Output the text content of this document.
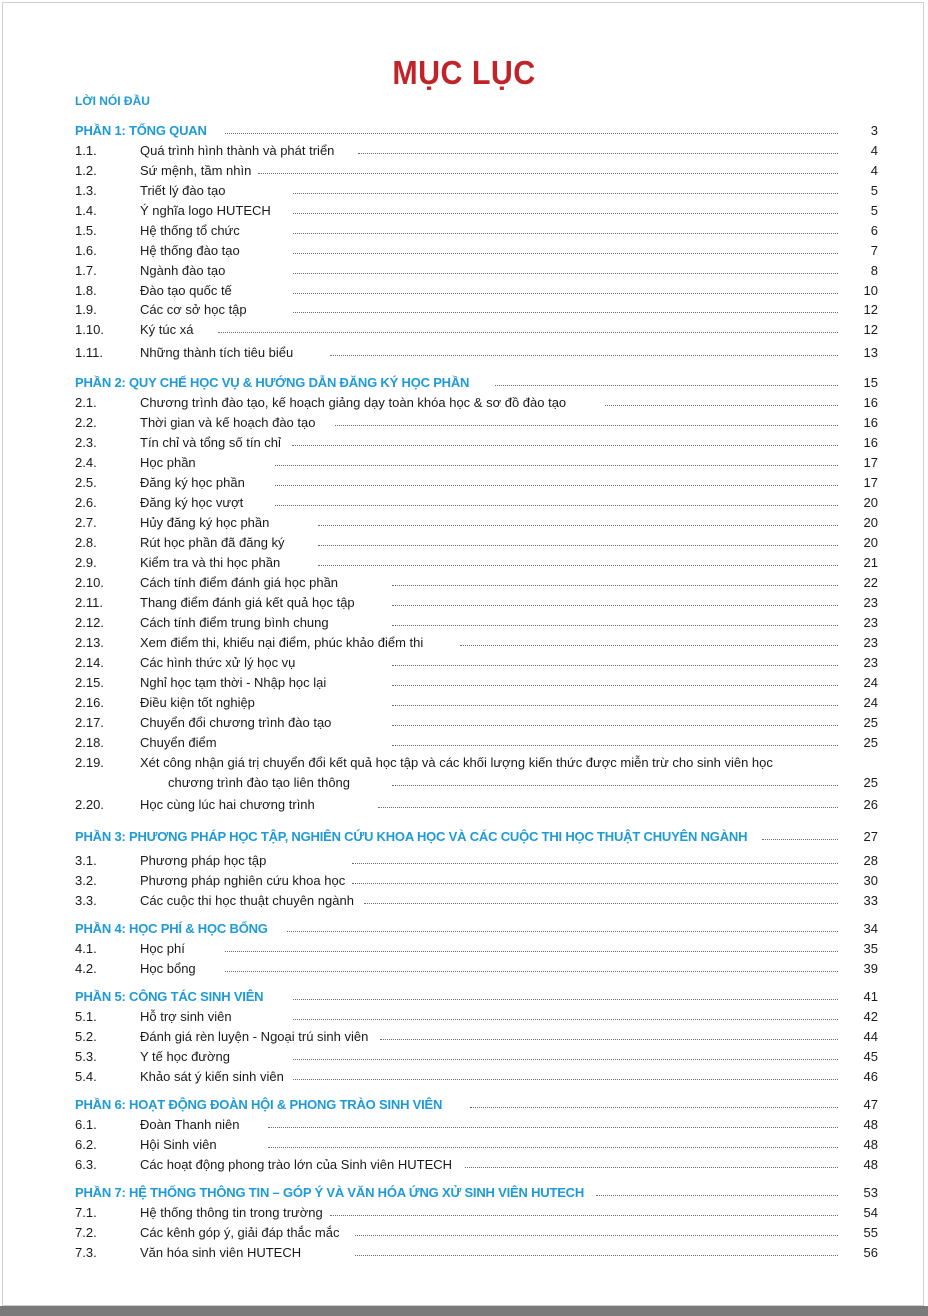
MỤC LỤC
LỜI NÓI ĐẦU
PHẦN 1: TỔNG QUAN	3
1.1.	Quá trình hình thành và phát triển	4
1.2.	Sứ mệnh, tầm nhìn	4
1.3.	Triết lý đào tạo	5
1.4.	Ý nghĩa logo HUTECH	5
1.5.	Hệ thống tổ chức	6
1.6.	Hệ thống đào tạo	7
1.7.	Ngành đào tạo	8
1.8.	Đào tạo quốc tế	10
1.9.	Các cơ sở học tập	12
1.10.	Ký túc xá	12
1.11.	Những thành tích tiêu biểu	13
PHẦN 2: QUY CHẾ HỌC VỤ & HƯỚNG DẪN ĐĂNG KÝ HỌC PHẦN	15
2.1.	Chương trình đào tạo, kế hoạch giảng dạy toàn khóa học & sơ đồ đào tạo	16
2.2.	Thời gian và kế hoạch đào tạo	16
2.3.	Tín chỉ và tổng số tín chỉ	16
2.4.	Học phần	17
2.5.	Đăng ký học phần	17
2.6.	Đăng ký học vượt	20
2.7.	Hủy đăng ký học phần	20
2.8.	Rút học phần đã đăng ký	20
2.9.	Kiểm tra và thi học phần	21
2.10.	Cách tính điểm đánh giá học phần	22
2.11.	Thang điểm đánh giá kết quả học tập	23
2.12.	Cách tính điểm trung bình chung	23
2.13.	Xem điểm thi, khiếu nại điểm, phúc khảo điểm thi	23
2.14.	Các hình thức xử lý học vụ	23
2.15.	Nghỉ học tạm thời - Nhập học lại	24
2.16.	Điều kiện tốt nghiệp	24
2.17.	Chuyển đổi chương trình đào tạo	25
2.18.	Chuyển điểm	25
2.19.	Xét công nhận giá trị chuyển đổi kết quả học tập và các khối lượng kiến thức được miễn trừ cho sinh viên học
chương trình đào tạo liên thông	25
2.20.	Học cùng lúc hai chương trình	26
PHẦN 3: PHƯƠNG PHÁP HỌC TẬP, NGHIÊN CỨU KHOA HỌC VÀ CÁC CUỘC THI HỌC THUẬT CHUYÊN NGÀNH	27
3.1.	Phương pháp học tập	28
3.2.	Phương pháp nghiên cứu khoa học	30
3.3.	Các cuộc thi học thuật chuyên ngành	33
PHẦN 4: HỌC PHÍ & HỌC BỔNG	34
4.1.	Học phí	35
4.2.	Học bổng	39
PHẦN 5: CÔNG TÁC SINH VIÊN	41
5.1.	Hỗ trợ sinh viên	42
5.2.	Đánh giá rèn luyện - Ngoại trú sinh viên	44
5.3.	Y tế học đường	45
5.4.	Khảo sát ý kiến sinh viên	46
PHẦN 6: HOẠT ĐỘNG ĐOÀN HỘI & PHONG TRÀO SINH VIÊN	47
6.1.	Đoàn Thanh niên	48
6.2.	Hội Sinh viên	48
6.3.	Các hoạt động phong trào lớn của Sinh viên HUTECH	48
PHẦN 7: HỆ THỐNG THÔNG TIN – GÓP Ý VÀ VĂN HÓA ỨNG XỬ SINH VIÊN HUTECH	53
7.1.	Hệ thống thông tin trong trường	54
7.2.	Các kênh góp ý, giải đáp thắc mắc	55
7.3.	Văn hóa sinh viên HUTECH	56
